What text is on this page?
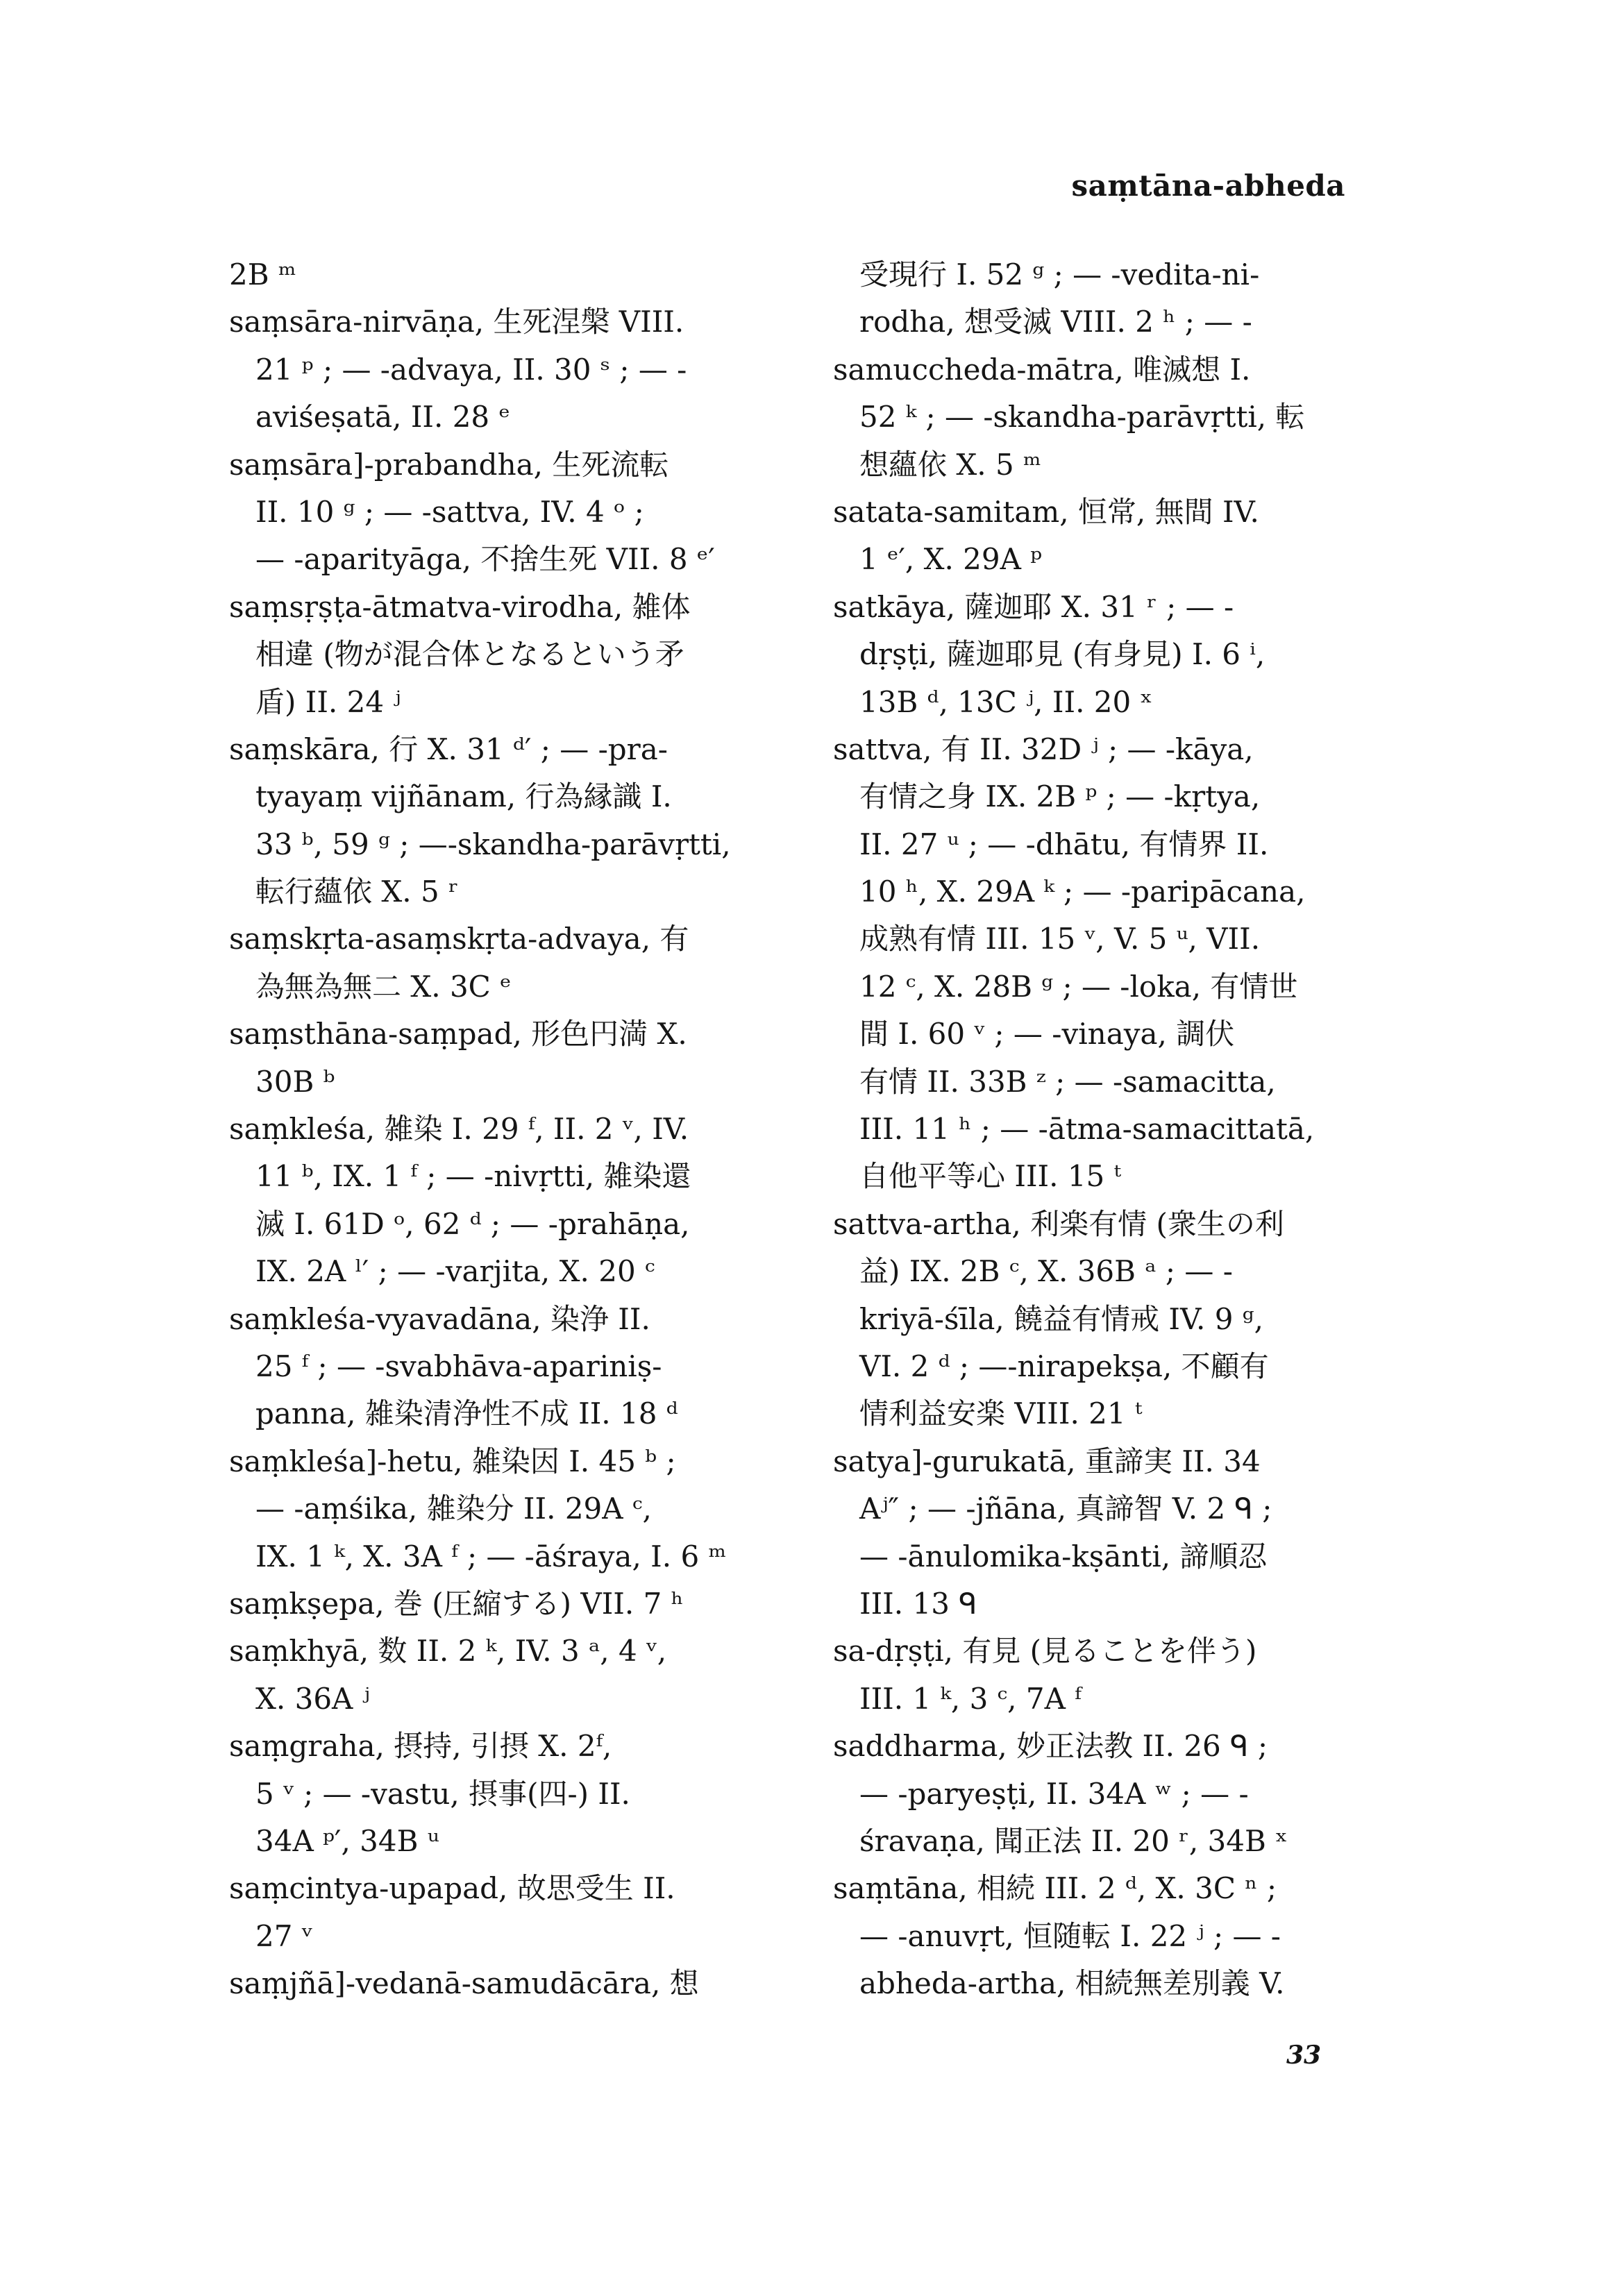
saṃtāna-abheda
2B ᵐ
saṃsāra-nirvāṇa, 生死涅槃 VIII.
21 ᵖ ; — -advaya, II. 30 ˢ ; — -
aviśeṣatā, II. 28 ᵉ
saṃsāra]-prabandha, 生死流転
II. 10 ᵍ ; — -sattva, IV. 4 ᵒ ;
— -aparityāga, 不捨生死 VII. 8 ᵉ′
saṃsṛṣṭa-ātmatva-virodha, 雑体
相違 (物が混合体となるという矛
盾) II. 24 ʲ
saṃskāra, 行 X. 31 ᵈ′ ; — -pra-
tyayaṃ vijñānam, 行為縁識 I.
33 ᵇ, 59 ᵍ ; —-skandha-parāvṛtti,
転行蘊依 X. 5 ʳ
saṃskṛta-asaṃskṛta-advaya, 有
為無為無二 X. 3C ᵉ
saṃsthāna-saṃpad, 形色円満 X.
30B ᵇ
saṃkleśa, 雑染 I. 29 ᶠ, II. 2 ᵛ, IV.
11 ᵇ, IX. 1 ᶠ ; — -nivṛtti, 雑染還
滅 I. 61D ᵒ, 62 ᵈ ; — -prahāṇa,
IX. 2A ˡ′ ; — -varjita, X. 20 ᶜ
saṃkleśa-vyavadāna, 染浄 II.
25 ᶠ ; — -svabhāva-apariniṣ-
panna, 雑染清浄性不成 II. 18 ᵈ
saṃkleśa]-hetu, 雑染因 I. 45 ᵇ ;
— -aṃśika, 雑染分 II. 29A ᶜ,
IX. 1 ᵏ, X. 3A ᶠ ; — -āśraya, I. 6 ᵐ
saṃkṣepa, 巻 (圧縮する) VII. 7 ʰ
saṃkhyā, 数 II. 2 ᵏ, IV. 3 ᵃ, 4 ᵛ,
X. 36A ʲ
saṃgraha, 摂持, 引摂 X. 2ᶠ,
5 ᵛ ; — -vastu, 摂事(四-) II.
34A ᵖ′, 34B ᵘ
saṃcintya-upapad, 故思受生 II.
27 ᵛ
saṃjñā]-vedanā-samudācāra, 想
受現行 I. 52 ᵍ ; — -vedita-ni-
rodha, 想受滅 VIII. 2 ʰ ; — -
samuccheda-mātra, 唯滅想 I.
52 ᵏ ; — -skandha-parāvṛtti, 転
想蘊依 X. 5 ᵐ
satata-samitam, 恒常, 無間 IV.
1 ᵉ′, X. 29A ᵖ
satkāya, 薩迦耶 X. 31 ʳ ; — -
dṛṣṭi, 薩迦耶見 (有身見) I. 6 ⁱ,
13B ᵈ, 13C ʲ, II. 20 ˣ
sattva, 有 II. 32D ʲ ; — -kāya,
有情之身 IX. 2B ᵖ ; — -kṛtya,
II. 27 ᵘ ; — -dhātu, 有情界 II.
10 ʰ, X. 29A ᵏ ; — -paripācana,
成熟有情 III. 15 ᵛ, V. 5 ᵘ, VII.
12 ᶜ, X. 28B ᵍ ; — -loka, 有情世
間 I. 60 ᵛ ; — -vinaya, 調伏
有情 II. 33B ᶻ ; — -samacitta,
III. 11 ʰ ; — -ātma-samacittatā,
自他平等心 III. 15 ᵗ
sattva-artha, 利楽有情 (衆生の利
益) IX. 2B ᶜ, X. 36B ᵃ ; — -
kriyā-śīla, 饒益有情戒 IV. 9 ᵍ,
VI. 2 ᵈ ; —-nirapekṣa, 不顧有
情利益安楽 VIII. 21 ᵗ
satya]-gurukatā, 重諦実 II. 34
Aʲ″ ; — -jñāna, 真諦智 V. 2 ᑫ ;
— -ānulomika-kṣānti, 諦順忍
III. 13 ᑫ
sa-dṛṣṭi, 有見 (見ることを伴う)
III. 1 ᵏ, 3 ᶜ, 7A ᶠ
saddharma, 妙正法教 II. 26 ᑫ ;
— -paryeṣṭi, II. 34A ʷ ; — -
śravaṇa, 聞正法 II. 20 ʳ, 34B ˣ
saṃtāna, 相続 III. 2 ᵈ, X. 3C ⁿ ;
— -anuvṛt, 恒随転 I. 22 ʲ ; — -
abheda-artha, 相続無差別義 V.
33
